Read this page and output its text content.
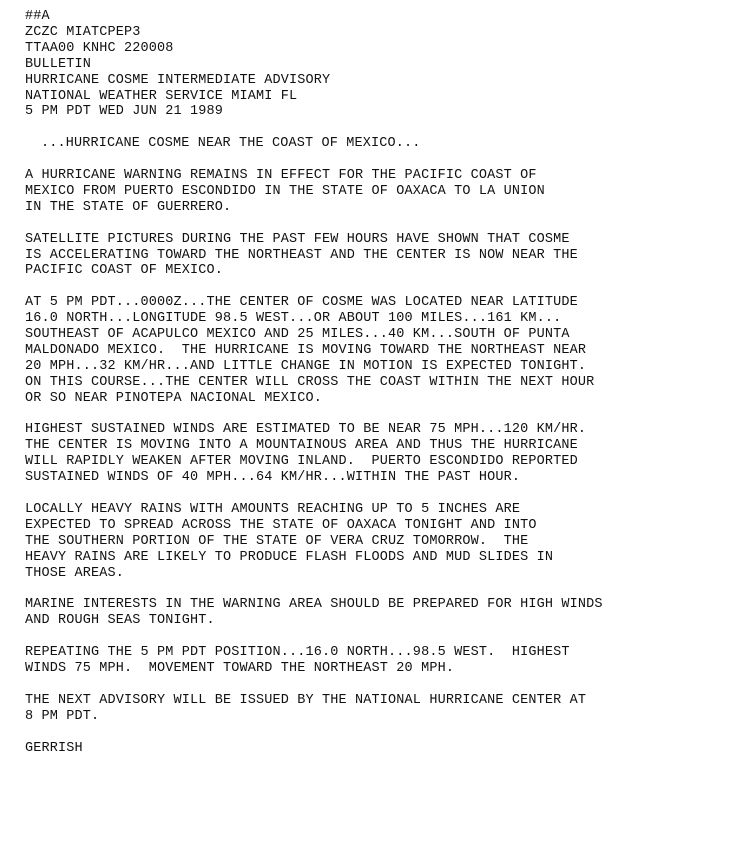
##A
ZCZC MIATCPEP3
TTAA00 KNHC 220008
BULLETIN
HURRICANE COSME INTERMEDIATE ADVISORY
NATIONAL WEATHER SERVICE MIAMI FL
5 PM PDT WED JUN 21 1989
...HURRICANE COSME NEAR THE COAST OF MEXICO...
A HURRICANE WARNING REMAINS IN EFFECT FOR THE PACIFIC COAST OF
MEXICO FROM PUERTO ESCONDIDO IN THE STATE OF OAXACA TO LA UNION
IN THE STATE OF GUERRERO.
SATELLITE PICTURES DURING THE PAST FEW HOURS HAVE SHOWN THAT COSME
IS ACCELERATING TOWARD THE NORTHEAST AND THE CENTER IS NOW NEAR THE
PACIFIC COAST OF MEXICO.
AT 5 PM PDT...0000Z...THE CENTER OF COSME WAS LOCATED NEAR LATITUDE
16.0 NORTH...LONGITUDE 98.5 WEST...OR ABOUT 100 MILES...161 KM...
SOUTHEAST OF ACAPULCO MEXICO AND 25 MILES...40 KM...SOUTH OF PUNTA
MALDONADO MEXICO.  THE HURRICANE IS MOVING TOWARD THE NORTHEAST NEAR
20 MPH...32 KM/HR...AND LITTLE CHANGE IN MOTION IS EXPECTED TONIGHT.
ON THIS COURSE...THE CENTER WILL CROSS THE COAST WITHIN THE NEXT HOUR
OR SO NEAR PINOTEPA NACIONAL MEXICO.
HIGHEST SUSTAINED WINDS ARE ESTIMATED TO BE NEAR 75 MPH...120 KM/HR.
THE CENTER IS MOVING INTO A MOUNTAINOUS AREA AND THUS THE HURRICANE
WILL RAPIDLY WEAKEN AFTER MOVING INLAND.  PUERTO ESCONDIDO REPORTED
SUSTAINED WINDS OF 40 MPH...64 KM/HR...WITHIN THE PAST HOUR.
LOCALLY HEAVY RAINS WITH AMOUNTS REACHING UP TO 5 INCHES ARE
EXPECTED TO SPREAD ACROSS THE STATE OF OAXACA TONIGHT AND INTO
THE SOUTHERN PORTION OF THE STATE OF VERA CRUZ TOMORROW.  THE
HEAVY RAINS ARE LIKELY TO PRODUCE FLASH FLOODS AND MUD SLIDES IN
THOSE AREAS.
MARINE INTERESTS IN THE WARNING AREA SHOULD BE PREPARED FOR HIGH WINDS
AND ROUGH SEAS TONIGHT.
REPEATING THE 5 PM PDT POSITION...16.0 NORTH...98.5 WEST.  HIGHEST
WINDS 75 MPH.  MOVEMENT TOWARD THE NORTHEAST 20 MPH.
THE NEXT ADVISORY WILL BE ISSUED BY THE NATIONAL HURRICANE CENTER AT
8 PM PDT.
GERRISH
